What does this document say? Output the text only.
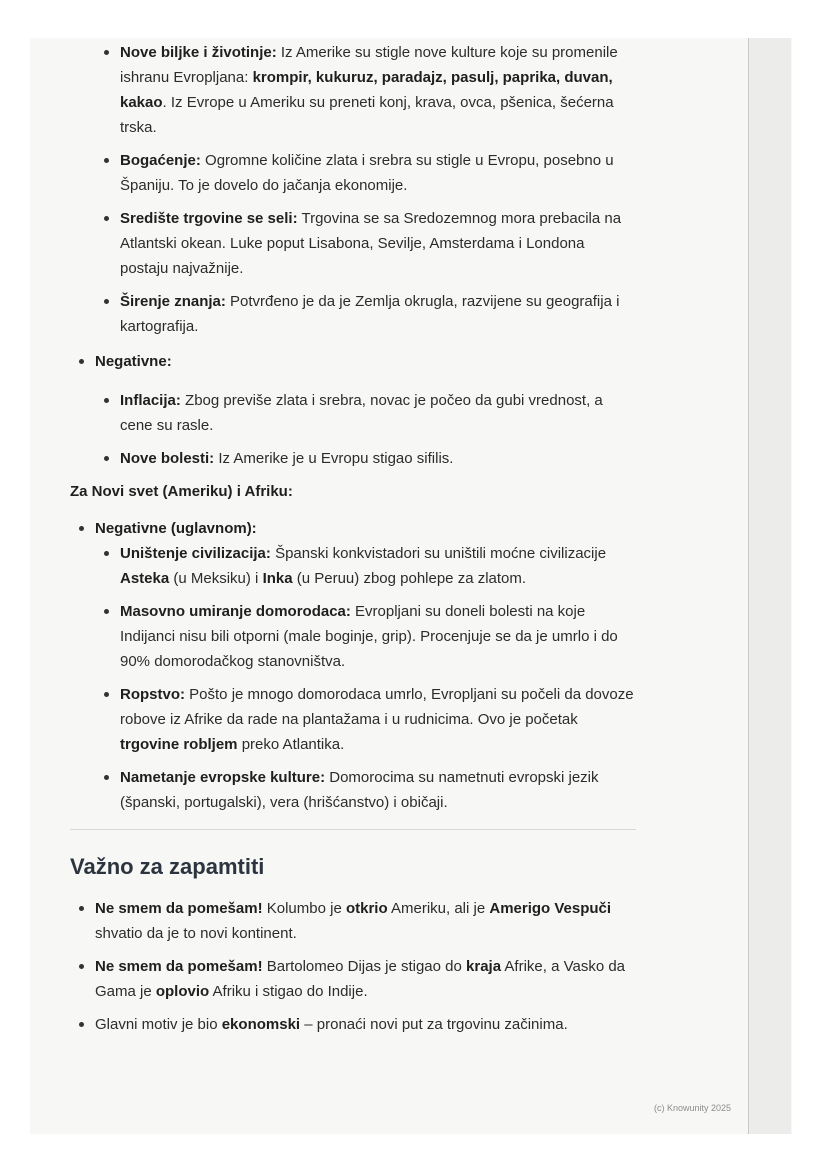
Nove biljke i životinje: Iz Amerike su stigle nove kulture koje su promenile ishranu Evropljana: krompir, kukuruz, paradajz, pasulj, paprika, duvan, kakao. Iz Evrope u Ameriku su preneti konj, krava, ovca, pšenica, šećerna trska.
Bogaćenje: Ogromne količine zlata i srebra su stigle u Evropu, posebno u Španiju. To je dovelo do jačanja ekonomije.
Središte trgovine se seli: Trgovina se sa Sredozemnog mora prebacila na Atlantski okean. Luke poput Lisabona, Sevilje, Amsterdama i Londona postaju najvažnije.
Širenje znanja: Potvrđeno je da je Zemlja okrugla, razvijene su geografija i kartografija.
Negativne:
Inflacija: Zbog previše zlata i srebra, novac je počeo da gubi vrednost, a cene su rasle.
Nove bolesti: Iz Amerike je u Evropu stigao sifilis.
Za Novi svet (Ameriku) i Afriku:
Negativne (uglavnom):
Uništenje civilizacija: Španski konkvistadori su uništili moćne civilizacije Asteka (u Meksiku) i Inka (u Peruu) zbog pohlepe za zlatom.
Masovno umiranje domorodaca: Evropljani su doneli bolesti na koje Indijanci nisu bili otporni (male boginje, grip). Procenjuje se da je umrlo i do 90% domorodačkog stanovništva.
Ropstvo: Pošto je mnogo domorodaca umrlo, Evropljani su počeli da dovoze robove iz Afrike da rade na plantažama i u rudnicima. Ovo je početak trgovine robljem preko Atlantika.
Nametanje evropske kulture: Domorocima su nametnuti evropski jezik (španski, portugalski), vera (hrišćanstvo) i običaji.
Važno za zapamtiti
Ne smem da pomešam! Kolumbo je otkrio Ameriku, ali je Amerigo Vespuči shvatio da je to novi kontinent.
Ne smem da pomešam! Bartolomeo Dijas je stigao do kraja Afrike, a Vasko da Gama je oplovio Afriku i stigao do Indije.
Glavni motiv je bio ekonomski – pronaći novi put za trgovinu začinima.
(c) Knowunity 2025
